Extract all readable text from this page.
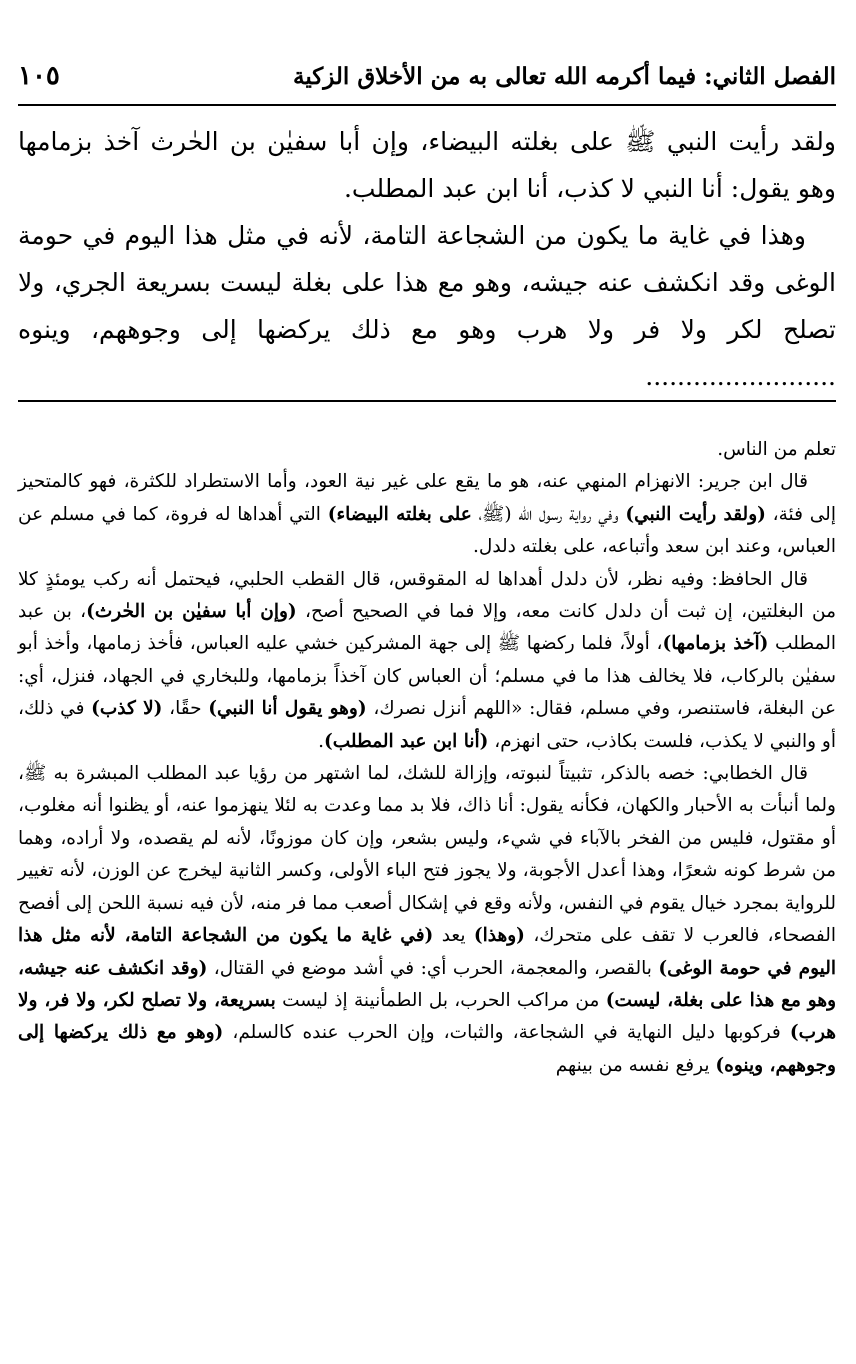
الفصل الثاني: فيما أكرمه الله تعالى به من الأخلاق الزكية
١٠٥

ولقد رأيت النبي ﷺ على بغلته البيضاء، وإن أبا سفيٰن بن الحٰرث آخذ بزمامها وهو يقول: أنا النبي لا كذب، أنا ابن عبد المطلب.

وهذا في غاية ما يكون من الشجاعة التامة، لأنه في مثل هذا اليوم في حومة الوغى وقد انكشف عنه جيشه، وهو مع هذا على بغلة ليست بسريعة الجري، ولا تصلح لكر ولا فر ولا هرب وهو مع ذلك يركضها إلى وجوههم، وينوه ........................

تعلم من الناس.

قال ابن جرير: الانهزام المنهي عنه، هو ما يقع على غير نية العود، وأما الاستطراد للكثرة، فهو كالمتحيز إلى فئة، (ولقد رأيت النبي) وفي رواية رسول الله (ﷺ، على بغلته البيضاء) التي أهداها له فروة، كما في مسلم عن العباس، وعند ابن سعد وأتباعه، على بغلته دلدل.

قال الحافظ: وفيه نظر، لأن دلدل أهداها له المقوقس، قال القطب الحلبي، فيحتمل أنه ركب يومئذٍ كلا من البغلتين، إن ثبت أن دلدل كانت معه، وإلا فما في الصحيح أصح، (وإن أبا سفيٰن بن الحٰرث)، بن عبد المطلب (آخذ بزمامها)، أولاً، فلما ركضها ﷺ إلى جهة المشركين خشي عليه العباس، فأخذ زمامها، وأخذ أبو سفيٰن بالركاب، فلا يخالف هذا ما في مسلم؛ أن العباس كان آخذاً بزمامها، وللبخاري في الجهاد، فنزل، أي: عن البغلة، فاستنصر، وفي مسلم، فقال: «اللهم أنزل نصرك، (وهو يقول أنا النبي) حقًا، (لا كذب) في ذلك، أو والنبي لا يكذب، فلست بكاذب، حتى انهزم، (أنا ابن عبد المطلب).

قال الخطابي: خصه بالذكر، تثبيتاً لنبوته، وإزالة للشك، لما اشتهر من رؤيا عبد المطلب المبشرة به ﷺ، ولما أنبأت به الأحبار والكهان، فكأنه يقول: أنا ذاك، فلا بد مما وعدت به لئلا ينهزموا عنه، أو يظنوا أنه مغلوب، أو مقتول، فليس من الفخر بالآباء في شيء، وليس بشعر، وإن كان موزونًا، لأنه لم يقصده، ولا أراده، وهما من شرط كونه شعرًا، وهذا أعدل الأجوبة، ولا يجوز فتح الباء الأولى، وكسر الثانية ليخرج عن الوزن، لأنه تغيير للرواية بمجرد خيال يقوم في النفس، ولأنه وقع في إشكال أصعب مما فر منه، لأن فيه نسبة اللحن إلى أفصح الفصحاء، فالعرب لا تقف على متحرك، (وهذا) يعد (في غاية ما يكون من الشجاعة التامة، لأنه مثل هذا اليوم في حومة الوغى) بالقصر، والمعجمة، الحرب أي: في أشد موضع في القتال، (وقد انكشف عنه جيشه، وهو مع هذا على بغلة، ليست) من مراكب الحرب، بل الطمأنينة إذ ليست بسريعة، ولا تصلح لكر، ولا فر، ولا هرب) فركوبها دليل النهاية في الشجاعة، والثبات، وإن الحرب عنده كالسلم، (وهو مع ذلك يركضها إلى وجوههم، وينوه) يرفع نفسه من بينهم
